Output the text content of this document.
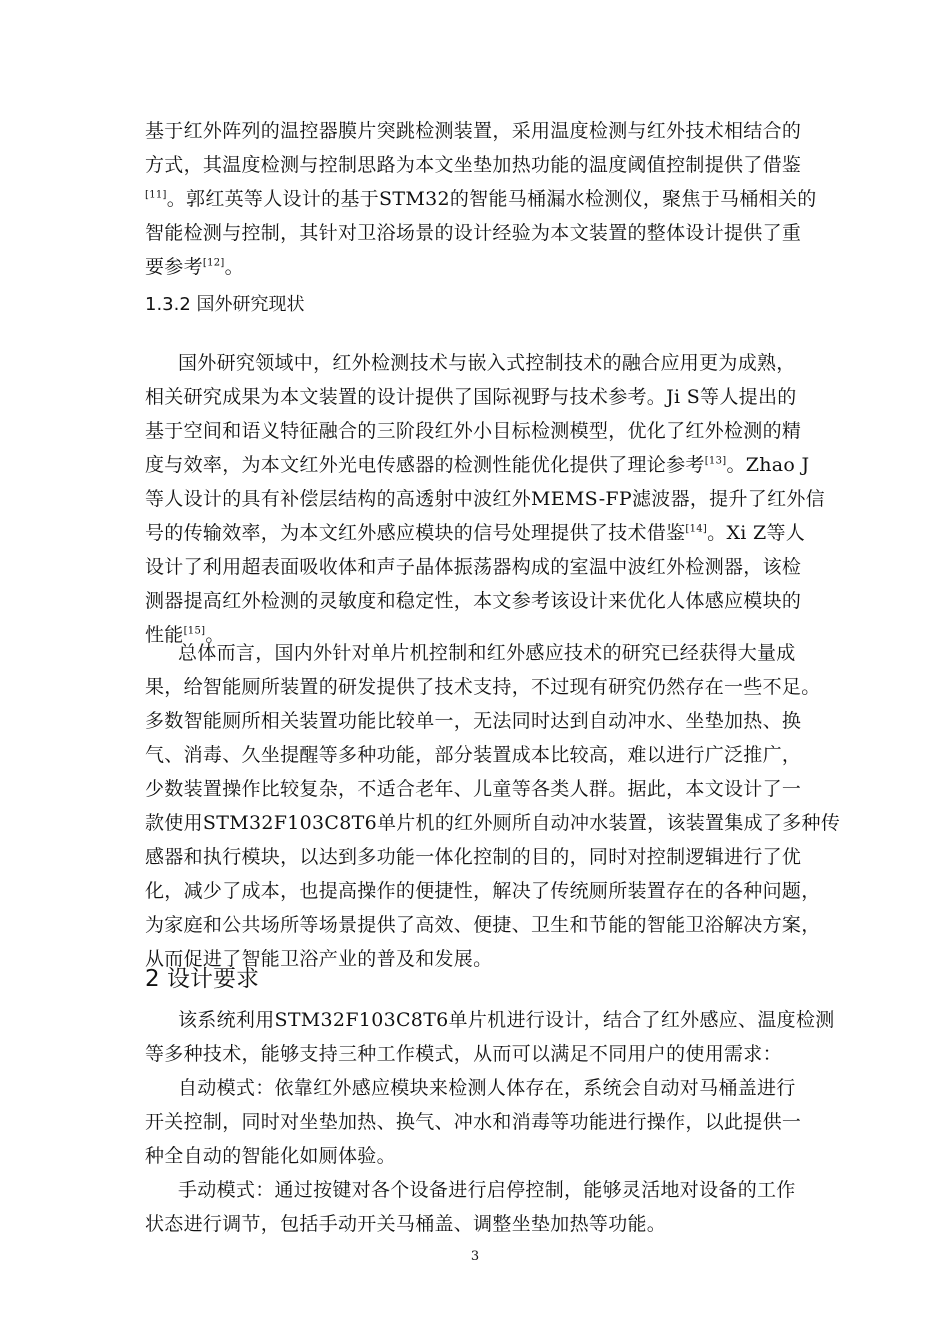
基于红外阵列的温控器膜片突跳检测装置，采用温度检测与红外技术相结合的
方式，其温度检测与控制思路为本文坐垫加热功能的温度阈值控制提供了借鉴
[11]。郭红英等人设计的基于STM32的智能马桶漏水检测仪，聚焦于马桶相关的
智能检测与控制，其针对卫浴场景的设计经验为本文装置的整体设计提供了重
要参考[12]。
1.3.2 国外研究现状
国外研究领域中，红外检测技术与嵌入式控制技术的融合应用更为成熟，
相关研究成果为本文装置的设计提供了国际视野与技术参考。Ji S等人提出的
基于空间和语义特征融合的三阶段红外小目标检测模型，优化了红外检测的精
度与效率，为本文红外光电传感器的检测性能优化提供了理论参考[13]。Zhao J
等人设计的具有补偿层结构的高透射中波红外MEMS-FP滤波器，提升了红外信
号的传输效率，为本文红外感应模块的信号处理提供了技术借鉴[14]。Xi Z等人
设计了利用超表面吸收体和声子晶体振荡器构成的室温中波红外检测器，该检
测器提高红外检测的灵敏度和稳定性，本文参考该设计来优化人体感应模块的
性能[15]。
总体而言，国内外针对单片机控制和红外感应技术的研究已经获得大量成
果，给智能厕所装置的研发提供了技术支持，不过现有研究仍然存在一些不足。
多数智能厕所相关装置功能比较单一，无法同时达到自动冲水、坐垫加热、换
气、消毒、久坐提醒等多种功能，部分装置成本比较高，难以进行广泛推广，
少数装置操作比较复杂，不适合老年、儿童等各类人群。据此，本文设计了一
款使用STM32F103C8T6单片机的红外厕所自动冲水装置，该装置集成了多种传
感器和执行模块，以达到多功能一体化控制的目的，同时对控制逻辑进行了优
化，减少了成本，也提高操作的便捷性，解决了传统厕所装置存在的各种问题，
为家庭和公共场所等场景提供了高效、便捷、卫生和节能的智能卫浴解决方案，
从而促进了智能卫浴产业的普及和发展。
2 设计要求
该系统利用STM32F103C8T6单片机进行设计，结合了红外感应、温度检测
等多种技术，能够支持三种工作模式，从而可以满足不同用户的使用需求：
自动模式：依靠红外感应模块来检测人体存在，系统会自动对马桶盖进行
开关控制，同时对坐垫加热、换气、冲水和消毒等功能进行操作，以此提供一
种全自动的智能化如厕体验。
手动模式：通过按键对各个设备进行启停控制，能够灵活地对设备的工作
状态进行调节，包括手动开关马桶盖、调整坐垫加热等功能。
3
